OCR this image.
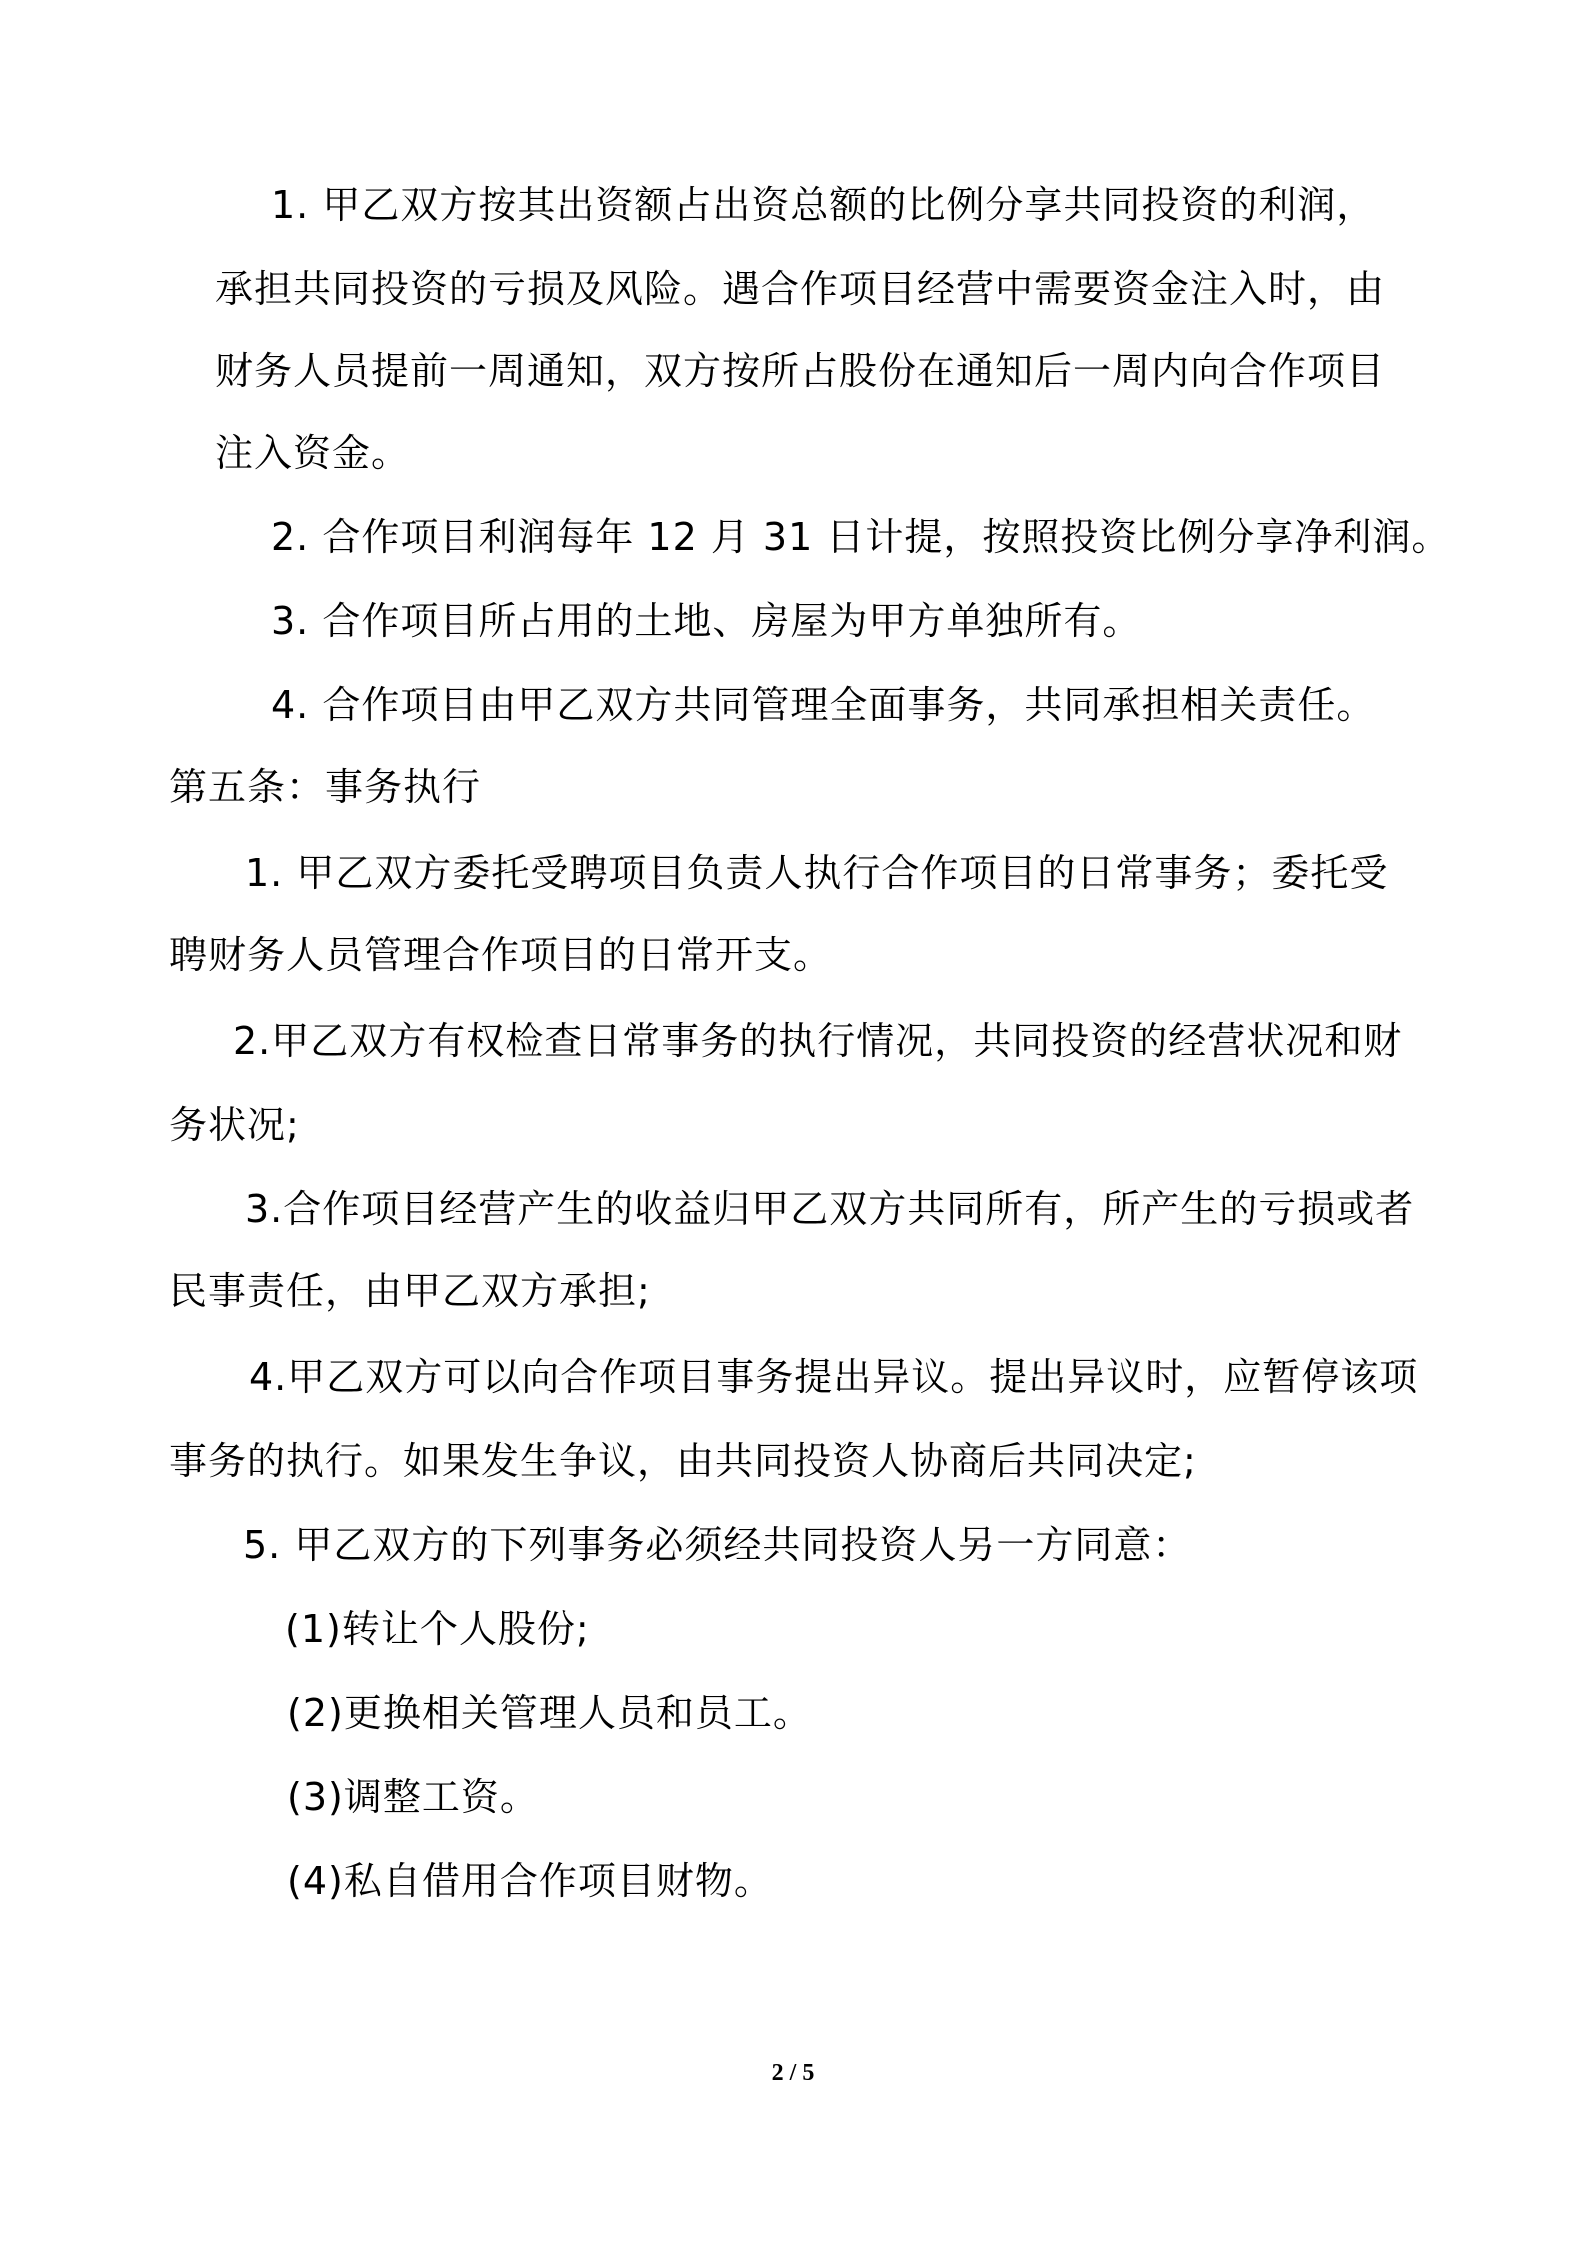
1. 甲乙双方按其出资额占出资总额的比例分享共同投资的利润，
承担共同投资的亏损及风险。遇合作项目经营中需要资金注入时，由
财务人员提前一周通知，双方按所占股份在通知后一周内向合作项目
注入资金。
2. 合作项目利润每年 12 月 31 日计提，按照投资比例分享净利润。
3. 合作项目所占用的土地、房屋为甲方单独所有。
4. 合作项目由甲乙双方共同管理全面事务，共同承担相关责任。
第五条：事务执行
1. 甲乙双方委托受聘项目负责人执行合作项目的日常事务；委托受
聘财务人员管理合作项目的日常开支。
2.甲乙双方有权检查日常事务的执行情况，共同投资的经营状况和财
务状况;
3.合作项目经营产生的收益归甲乙双方共同所有，所产生的亏损或者
民事责任，由甲乙双方承担;
4.甲乙双方可以向合作项目事务提出异议。提出异议时，应暂停该项
事务的执行。如果发生争议，由共同投资人协商后共同决定;
5. 甲乙双方的下列事务必须经共同投资人另一方同意：
(1)转让个人股份;
(2)更换相关管理人员和员工。
(3)调整工资。
(4)私自借用合作项目财物。
2 / 5
